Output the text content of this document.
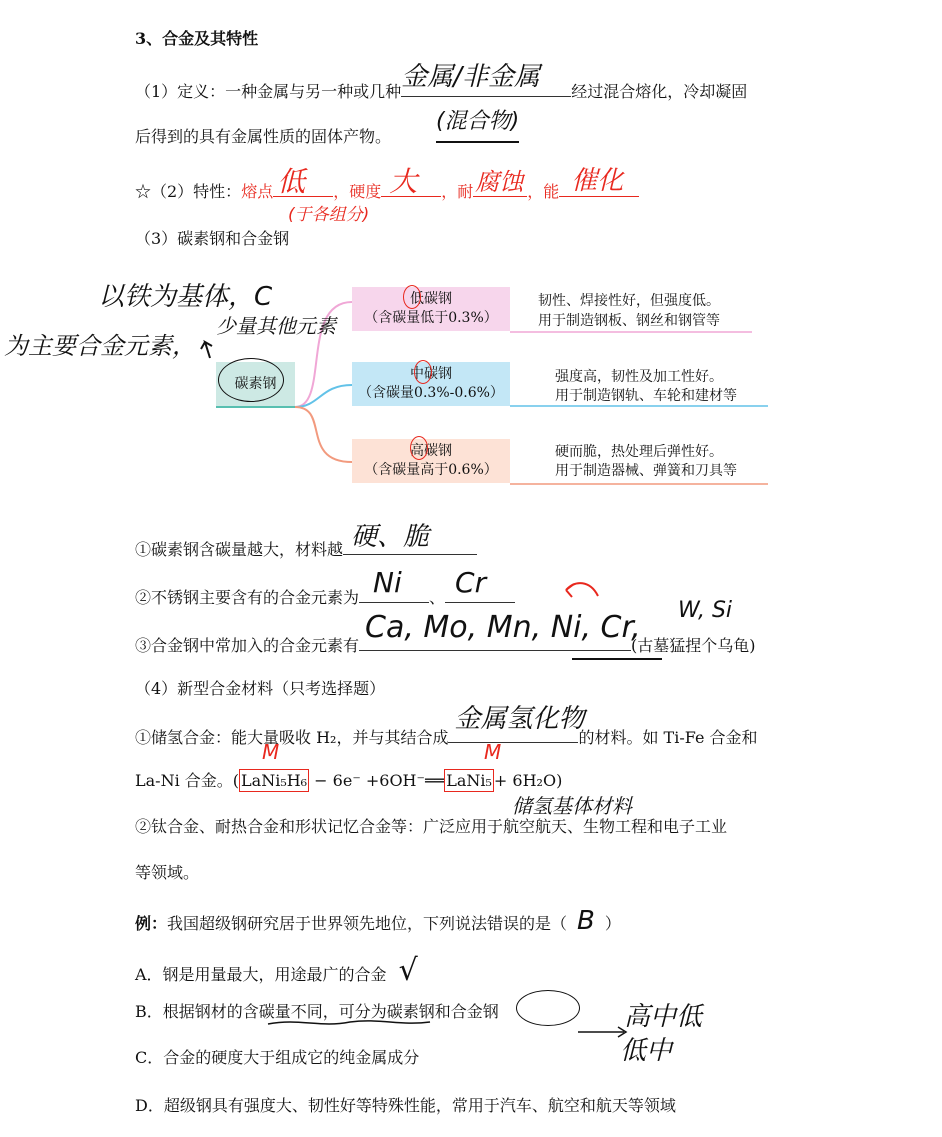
3、合金及其特性
（1）定义：一种金属与另一种或几种 金属/非金属 经过混合熔化，冷却凝固
后得到的具有金属性质的固体产物。
(混合物)
☆（2）特性：熔点 低 ，硬度 大 ，耐 腐蚀 ，能 催化
(于各组分)
（3）碳素钢和合金钢
碳素钢
低碳钢
（含碳量低于0.3%）
中碳钢
（含碳量0.3%-0.6%）
高碳钢
（含碳量高于0.6%）
韧性、焊接性好，但强度低。
用于制造钢板、钢丝和钢管等
强度高，韧性及加工性好。
用于制造钢轨、车轮和建材等
硬而脆，热处理后弹性好。
用于制造器械、弹簧和刀具等
以铁为基体，C
为主要合金元素，
少量其他元素
①碳素钢含碳量越大，材料越 硬、脆
②不锈钢主要含有的合金元素为 Ni 、 Cr
③合金钢中常加入的合金元素有
Ca, Mo, Mn, Ni, Cr,
(古墓猛捏个乌龟)
W, Si
（4）新型合金材料（只考选择题）
①储氢合金：能大量吸收 H₂，并与其结合成
金属氢化物
的材料。如 Ti-Fe 合金和
La-Ni 合金。( LaNi₅H₆ − 6e⁻ +6OH⁻══ LaNi₅ + 6H₂O)
M	M
储氢基体材料
②钛合金、耐热合金和形状记忆合金等：广泛应用于航空航天、生物工程和电子工业
等领域。
例：我国超级钢研究居于世界领先地位，下列说法错误的是（ B ）
A．钢是用量最大，用途最广的合金 √
B．根据钢材的含碳量不同，可分为碳素钢和合金钢	高中低
低中
C．合金的硬度大于组成它的纯金属成分
D．超级钢具有强度大、韧性好等特殊性能，常用于汽车、航空和航天等领域
